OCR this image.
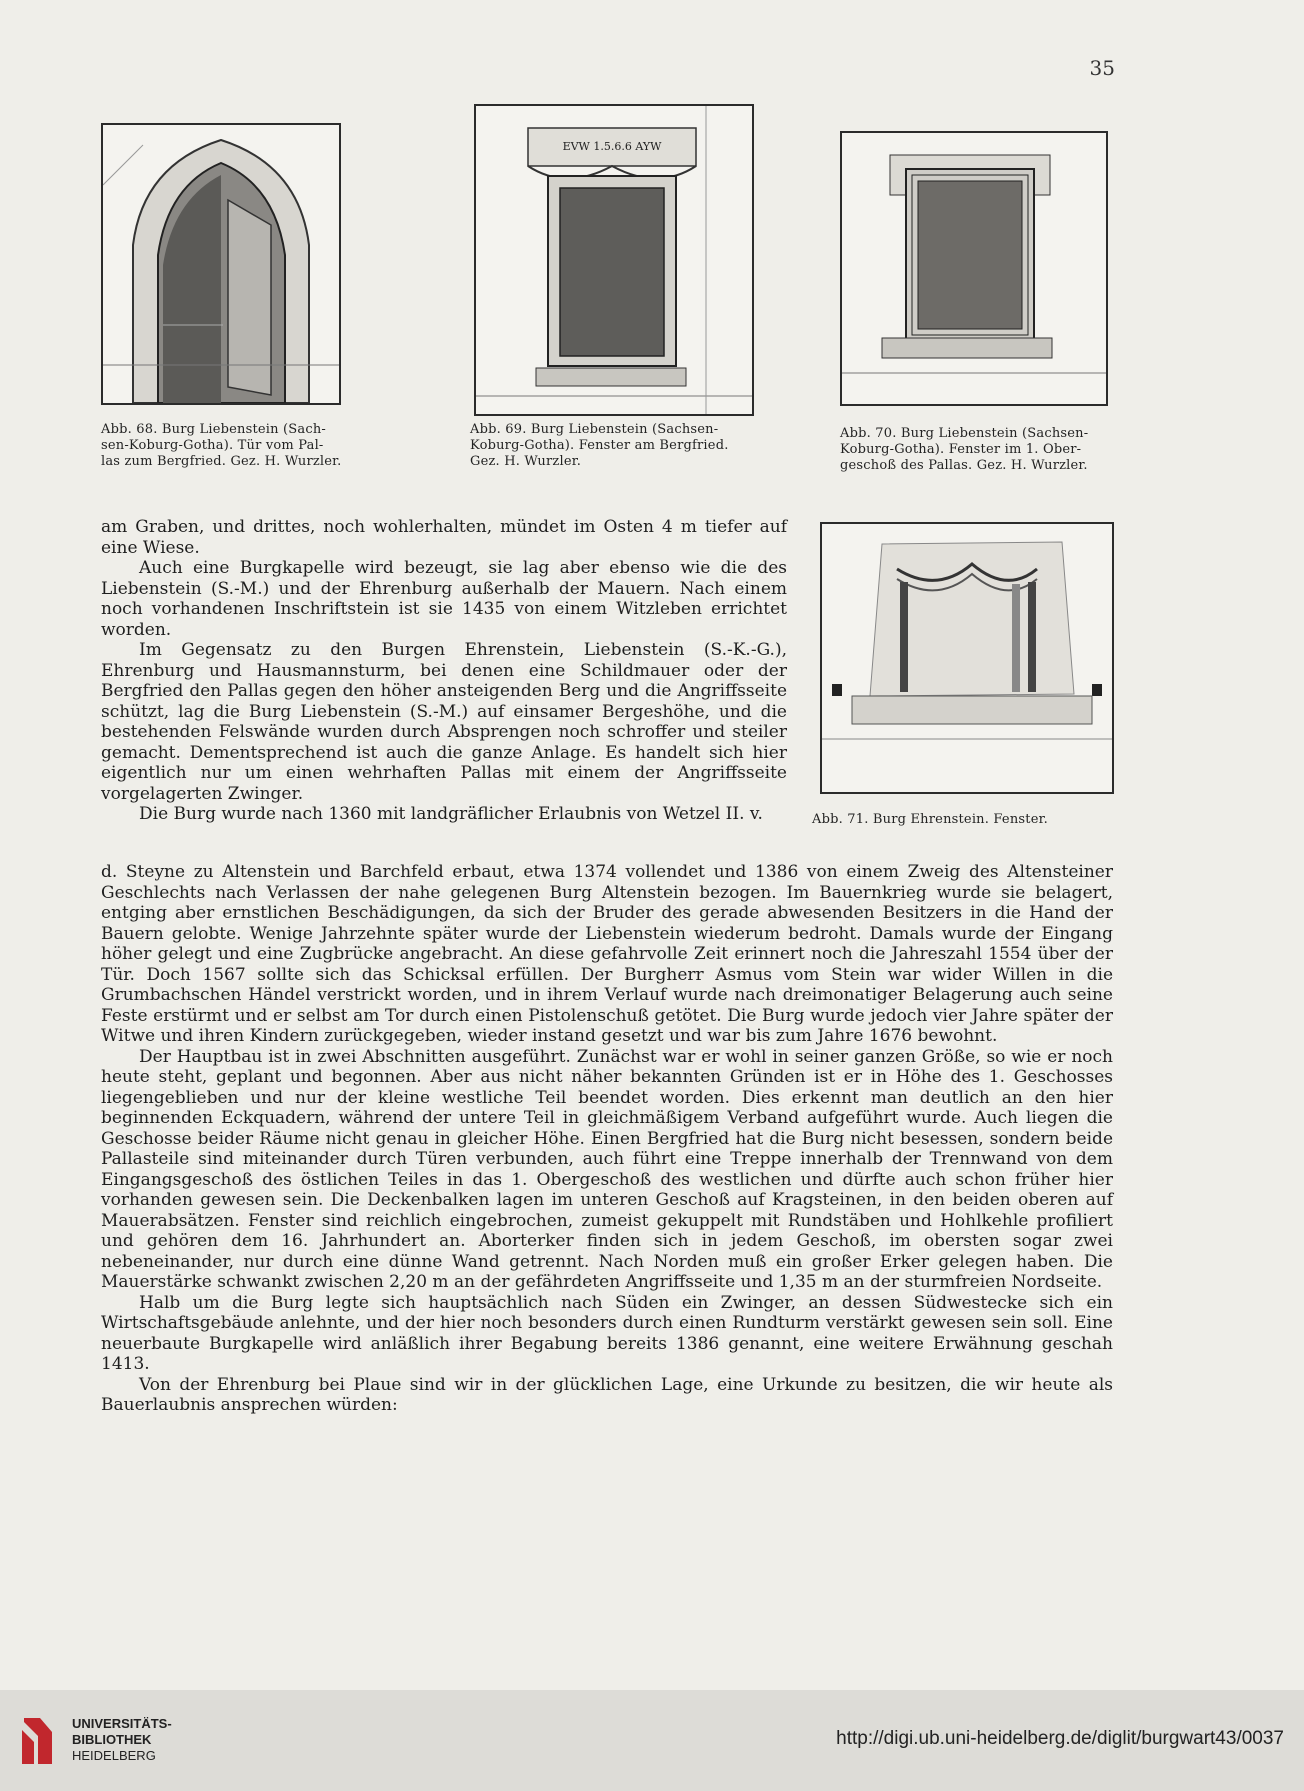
35
EVW 1.5.6.6 AYW
Abb. 68. Burg Liebenstein (Sach-
sen-Koburg-Gotha). Tür vom Pal-
las zum Bergfried. Gez. H. Wurzler.
Abb. 69. Burg Liebenstein (Sachsen-
Koburg-Gotha). Fenster am Bergfried.
Gez. H. Wurzler.
Abb. 70. Burg Liebenstein (Sachsen-
Koburg-Gotha). Fenster im 1. Ober-
geschoß des Pallas. Gez. H. Wurzler.
Abb. 71. Burg Ehrenstein. Fenster.

am Graben, und drittes, noch wohlerhalten, mündet im Osten 4 m tiefer auf eine Wiese.

Auch eine Burgkapelle wird bezeugt, sie lag aber ebenso wie die des Liebenstein (S.-M.) und der Ehrenburg außerhalb der Mauern. Nach einem noch vorhandenen Inschriftstein ist sie 1435 von einem Witzleben errichtet worden.

Im Gegensatz zu den Burgen Ehrenstein, Liebenstein (S.-K.-G.), Ehrenburg und Hausmannsturm, bei denen eine Schildmauer oder der Bergfried den Pallas gegen den höher ansteigenden Berg und die Angriffsseite schützt, lag die Burg Liebenstein (S.-M.) auf einsamer Bergeshöhe, und die bestehenden Felswände wurden durch Absprengen noch schroffer und steiler gemacht. Dementsprechend ist auch die ganze Anlage. Es handelt sich hier eigentlich nur um einen wehrhaften Pallas mit einem der Angriffsseite vorgelagerten Zwinger.

Die Burg wurde nach 1360 mit landgräflicher Erlaubnis von Wetzel II. v.

d. Steyne zu Altenstein und Barchfeld erbaut, etwa 1374 vollendet und 1386 von einem Zweig des Altensteiner Geschlechts nach Verlassen der nahe gelegenen Burg Altenstein bezogen. Im Bauernkrieg wurde sie belagert, entging aber ernstlichen Beschädigungen, da sich der Bruder des gerade abwesenden Besitzers in die Hand der Bauern gelobte. Wenige Jahrzehnte später wurde der Liebenstein wiederum bedroht. Damals wurde der Eingang höher gelegt und eine Zugbrücke angebracht. An diese gefahrvolle Zeit erinnert noch die Jahreszahl 1554 über der Tür. Doch 1567 sollte sich das Schicksal erfüllen. Der Burgherr Asmus vom Stein war wider Willen in die Grumbachschen Händel verstrickt worden, und in ihrem Verlauf wurde nach dreimonatiger Belagerung auch seine Feste erstürmt und er selbst am Tor durch einen Pistolenschuß getötet. Die Burg wurde jedoch vier Jahre später der Witwe und ihren Kindern zurückgegeben, wieder instand gesetzt und war bis zum Jahre 1676 bewohnt.

Der Hauptbau ist in zwei Abschnitten ausgeführt. Zunächst war er wohl in seiner ganzen Größe, so wie er noch heute steht, geplant und begonnen. Aber aus nicht näher bekannten Gründen ist er in Höhe des 1. Geschosses liegengeblieben und nur der kleine westliche Teil beendet worden. Dies erkennt man deutlich an den hier beginnenden Eckquadern, während der untere Teil in gleichmäßigem Verband aufgeführt wurde. Auch liegen die Geschosse beider Räume nicht genau in gleicher Höhe. Einen Bergfried hat die Burg nicht besessen, sondern beide Pallasteile sind miteinander durch Türen verbunden, auch führt eine Treppe innerhalb der Trennwand von dem Eingangsgeschoß des östlichen Teiles in das 1. Obergeschoß des westlichen und dürfte auch schon früher hier vorhanden gewesen sein. Die Deckenbalken lagen im unteren Geschoß auf Kragsteinen, in den beiden oberen auf Mauerabsätzen. Fenster sind reichlich eingebrochen, zumeist gekuppelt mit Rundstäben und Hohlkehle profiliert und gehören dem 16. Jahrhundert an. Aborterker finden sich in jedem Geschoß, im obersten sogar zwei nebeneinander, nur durch eine dünne Wand getrennt. Nach Norden muß ein großer Erker gelegen haben. Die Mauerstärke schwankt zwischen 2,20 m an der gefährdeten Angriffsseite und 1,35 m an der sturmfreien Nordseite.

Halb um die Burg legte sich hauptsächlich nach Süden ein Zwinger, an dessen Südwestecke sich ein Wirtschaftsgebäude anlehnte, und der hier noch besonders durch einen Rundturm verstärkt gewesen sein soll. Eine neuerbaute Burgkapelle wird anläßlich ihrer Begabung bereits 1386 genannt, eine weitere Erwähnung geschah 1413.

Von der Ehrenburg bei Plaue sind wir in der glücklichen Lage, eine Urkunde zu besitzen, die wir heute als Bauerlaubnis ansprechen würden:

UNIVERSITÄTS-
BIBLIOTHEK
HEIDELBERG
http://digi.ub.uni-heidelberg.de/diglit/burgwart43/0037
